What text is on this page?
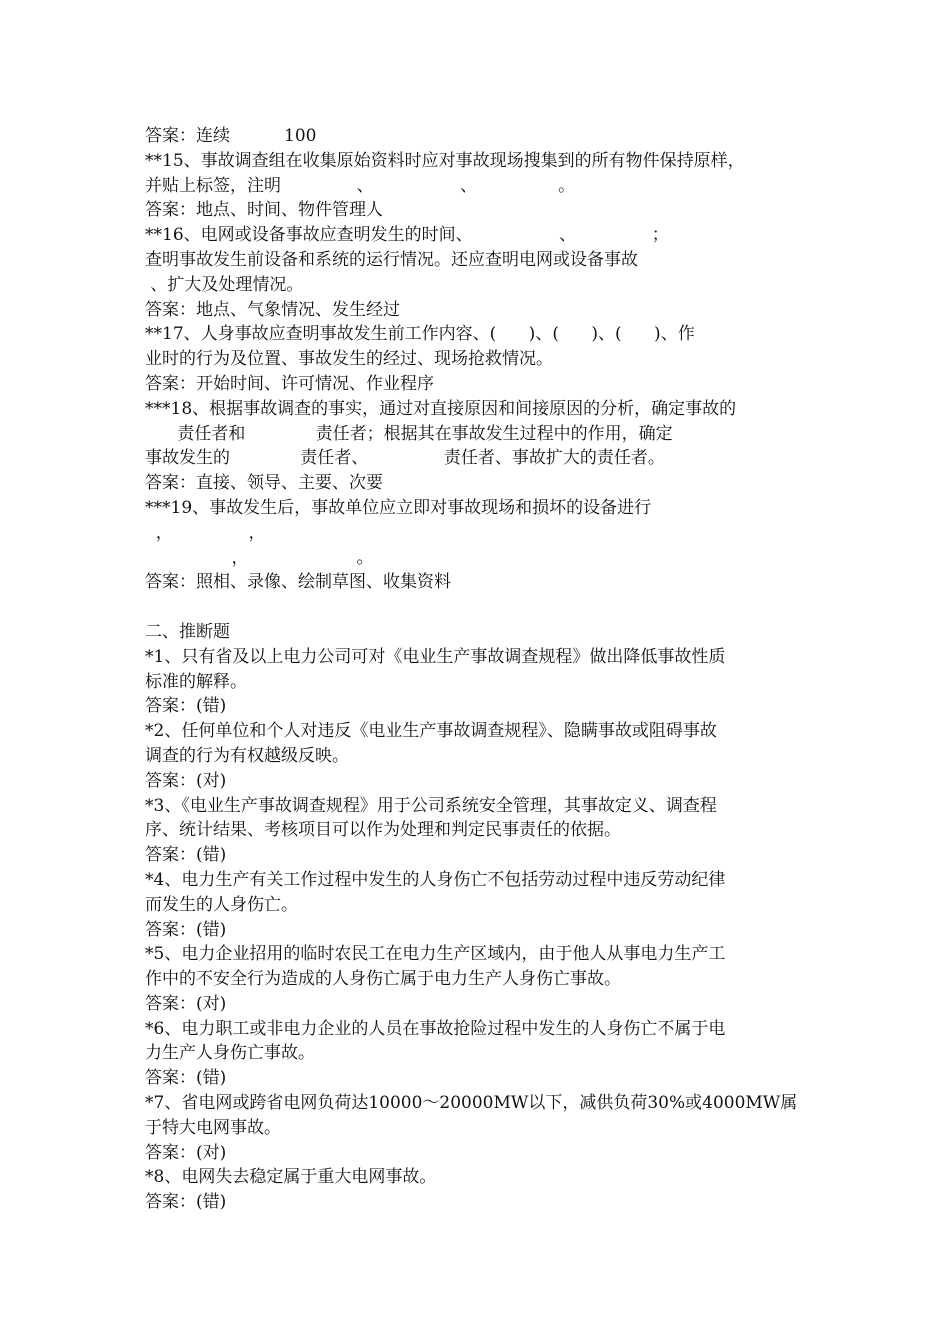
答案：连续          100
**15、事故调查组在收集原始资料时应对事故现场搜集到的所有物件保持原样，
并贴上标签，注明              、                、               。
答案：地点、时间、物件管理人
**16、电网或设备事故应查明发生的时间、                、              ；
查明事故发生前设备和系统的运行情况。还应查明电网或设备事故
、扩大及处理情况。
答案：地点、气象情况、发生经过
**17、人身事故应查明事故发生前工作内容、(      )、(      )、(      )、作
业时的行为及位置、事故发生的经过、现场抢救情况。
答案：开始时间、许可情况、作业程序
***18、根据事故调查的事实，通过对直接原因和间接原因的分析，确定事故的
责任者和             责任者；根据其在事故发生过程中的作用，确定
事故发生的             责任者、              责任者、事故扩大的责任者。
答案：直接、领导、主要、次要
***19、事故发生后，事故单位应立即对事故现场和损坏的设备进行
，              ，
，                    。
答案：照相、录像、绘制草图、收集资料
二、推断题
*1、只有省及以上电力公司可对《电业生产事故调查规程》做出降低事故性质
标准的解释。
答案：(错)
*2、任何单位和个人对违反《电业生产事故调查规程》、隐瞒事故或阻碍事故
调查的行为有权越级反映。
答案：(对)
*3、《电业生产事故调查规程》用于公司系统安全管理，其事故定义、调查程
序、统计结果、考核项目可以作为处理和判定民事责任的依据。
答案：(错)
*4、电力生产有关工作过程中发生的人身伤亡不包括劳动过程中违反劳动纪律
而发生的人身伤亡。
答案：(错)
*5、电力企业招用的临时农民工在电力生产区域内，由于他人从事电力生产工
作中的不安全行为造成的人身伤亡属于电力生产人身伤亡事故。
答案：(对)
*6、电力职工或非电力企业的人员在事故抢险过程中发生的人身伤亡不属于电
力生产人身伤亡事故。
答案：(错)
*7、省电网或跨省电网负荷达10000～20000MW以下，减供负荷30%或4000MW属
于特大电网事故。
答案：(对)
*8、电网失去稳定属于重大电网事故。
答案：(错)
